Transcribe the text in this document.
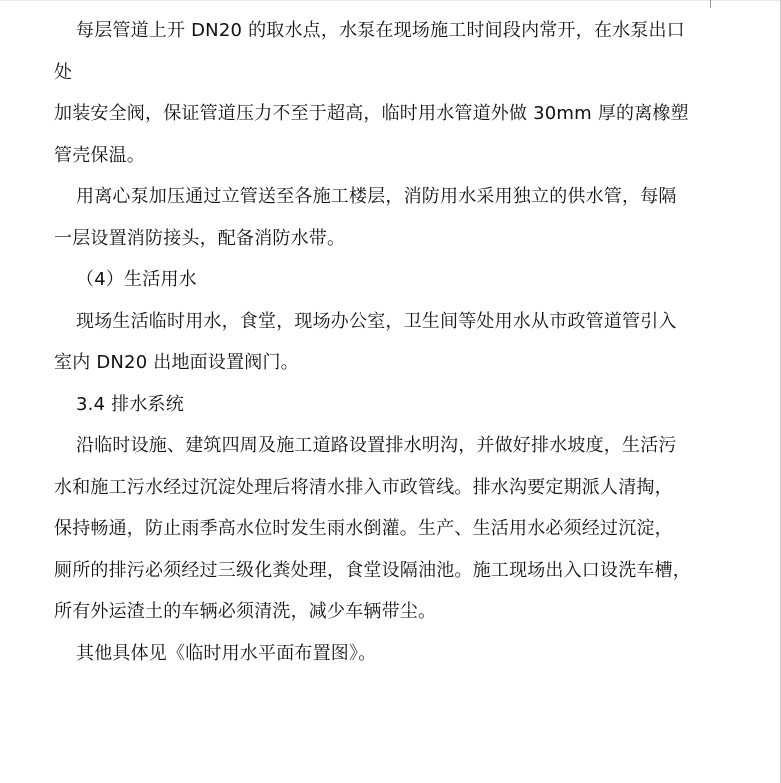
每层管道上开 DN20 的取水点，水泵在现场施工时间段内常开，在水泵出口处
加装安全阀，保证管道压力不至于超高，临时用水管道外做 30mm 厚的离橡塑
管壳保温。
用离心泵加压通过立管送至各施工楼层，消防用水采用独立的供水管，每隔
一层设置消防接头，配备消防水带。
（4）生活用水
现场生活临时用水，食堂，现场办公室，卫生间等处用水从市政管道管引入
室内 DN20 出地面设置阀门。
3.4 排水系统
沿临时设施、建筑四周及施工道路设置排水明沟，并做好排水坡度，生活污
水和施工污水经过沉淀处理后将清水排入市政管线。排水沟要定期派人清掏，
保持畅通，防止雨季高水位时发生雨水倒灌。生产、生活用水必须经过沉淀，
厕所的排污必须经过三级化粪处理，食堂设隔油池。施工现场出入口设洗车槽，
所有外运渣土的车辆必须清洗，减少车辆带尘。
其他具体见《临时用水平面布置图》。
